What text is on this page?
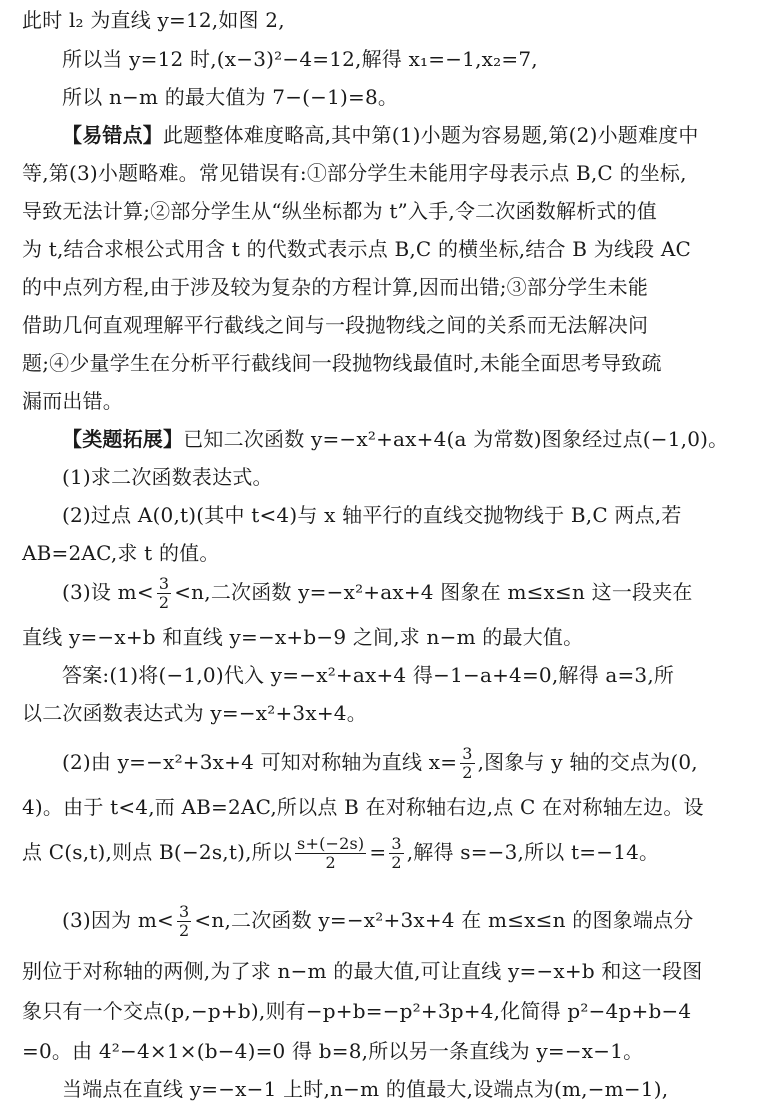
此时 l₂ 为直线 y=12,如图 2,
所以当 y=12 时,(x−3)²−4=12,解得 x₁=−1,x₂=7,
所以 n−m 的最大值为 7−(−1)=8。
【易错点】此题整体难度略高,其中第(1)小题为容易题,第(2)小题难度中
等,第(3)小题略难。常见错误有:①部分学生未能用字母表示点 B,C 的坐标,
导致无法计算;②部分学生从“纵坐标都为 t”入手,令二次函数解析式的值
为 t,结合求根公式用含 t 的代数式表示点 B,C 的横坐标,结合 B 为线段 AC
的中点列方程,由于涉及较为复杂的方程计算,因而出错;③部分学生未能
借助几何直观理解平行截线之间与一段抛物线之间的关系而无法解决问
题;④少量学生在分析平行截线间一段抛物线最值时,未能全面思考导致疏
漏而出错。
【类题拓展】已知二次函数 y=−x²+ax+4(a 为常数)图象经过点(−1,0)。
(1)求二次函数表达式。
(2)过点 A(0,t)(其中 t<4)与 x 轴平行的直线交抛物线于 B,C 两点,若
AB=2AC,求 t 的值。
(3)设 $m< \frac{3}{2} <n$,二次函数 y=−x²+ax+4 图象在 m≤x≤n 这一段夹在
直线 y=−x+b 和直线 y=−x+b−9 之间,求 n−m 的最大值。
答案:(1)将(−1,0)代入 y=−x²+ax+4 得−1−a+4=0,解得 a=3,所
以二次函数表达式为 y=−x²+3x+4。
(2)由 y=−x²+3x+4 可知对称轴为直线 $x= \frac{3}{2}$ ,图象与 y 轴的交点为(0,
4)。由于 t<4,而 AB=2AC,所以点 B 在对称轴右边,点 C 在对称轴左边。设
点 C(s,t),则点 B(−2s,t),所以 $\frac{s+(-2s)}{2} = \frac{3}{2}$ ,解得 s=−3,所以 t=−14。
(3)因为 $m< \frac{3}{2} <n$,二次函数 y=−x²+3x+4 在 m≤x≤n 的图象端点分
别位于对称轴的两侧,为了求 n−m 的最大值,可让直线 y=−x+b 和这一段图
象只有一个交点(p,−p+b),则有−p+b=−p²+3p+4,化简得 p²−4p+b−4
=0。由 4²−4×1×(b−4)=0 得 b=8,所以另一条直线为 y=−x−1。
当端点在直线 y=−x−1 上时,n−m 的值最大,设端点为(m,−m−1),
